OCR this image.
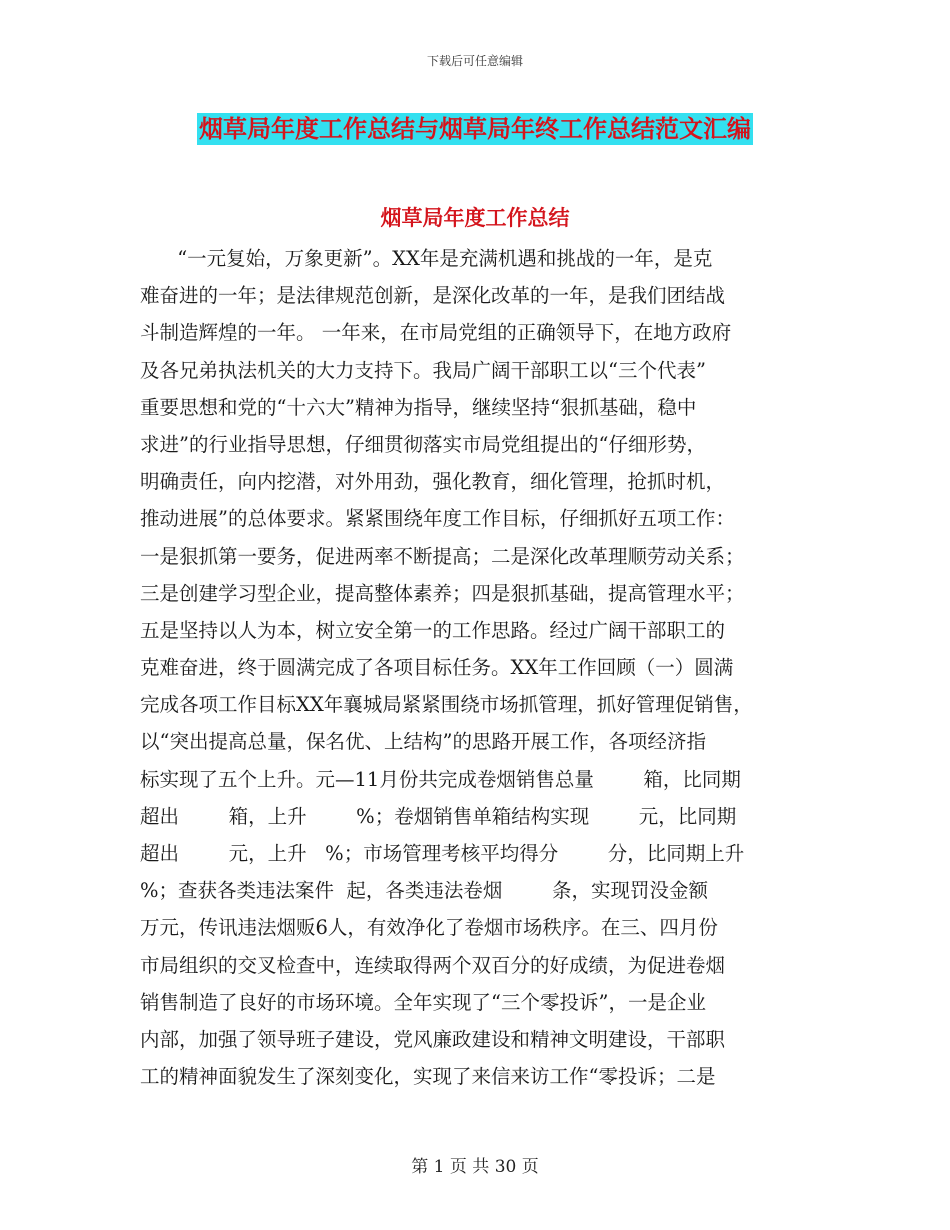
下载后可任意编辑
烟草局年度工作总结与烟草局年终工作总结范文汇编
烟草局年度工作总结
“一元复始，万象更新”。XX年是充满机遇和挑战的一年，是克
难奋进的一年；是法律规范创新，是深化改革的一年，是我们团结战
斗制造辉煌的一年。 一年来，在市局党组的正确领导下，在地方政府
及各兄弟执法机关的大力支持下。我局广阔干部职工以“三个代表”
重要思想和党的“十六大”精神为指导，继续坚持“狠抓基础，稳中
求进”的行业指导思想，仔细贯彻落实市局党组提出的“仔细形势，
明确责任，向内挖潜，对外用劲，强化教育，细化管理，抢抓时机，
推动进展”的总体要求。紧紧围绕年度工作目标，仔细抓好五项工作：
一是狠抓第一要务，促进两率不断提高；二是深化改革理顺劳动关系；
三是创建学习型企业，提高整体素养；四是狠抓基础，提高管理水平；
五是坚持以人为本，树立安全第一的工作思路。经过广阔干部职工的
克难奋进，终于圆满完成了各项目标任务。XX年工作回顾（一）圆满
完成各项工作目标XX年襄城局紧紧围绕市场抓管理，抓好管理促销售，
以“突出提高总量，保名优、上结构”的思路开展工作，各项经济指
标实现了五个上升。元—11月份共完成卷烟销售总量        箱，比同期
超出        箱，上升        %；卷烟销售单箱结构实现        元，比同期
超出        元，上升   %；市场管理考核平均得分        分，比同期上升
%；查获各类违法案件  起，各类违法卷烟        条，实现罚没金额
万元，传讯违法烟贩6人，有效净化了卷烟市场秩序。在三、四月份
市局组织的交叉检查中，连续取得两个双百分的好成绩，为促进卷烟
销售制造了良好的市场环境。全年实现了“三个零投诉”，一是企业
内部，加强了领导班子建设，党风廉政建设和精神文明建设，干部职
工的精神面貌发生了深刻变化，实现了来信来访工作“零投诉；二是
第 1 页 共 30 页
